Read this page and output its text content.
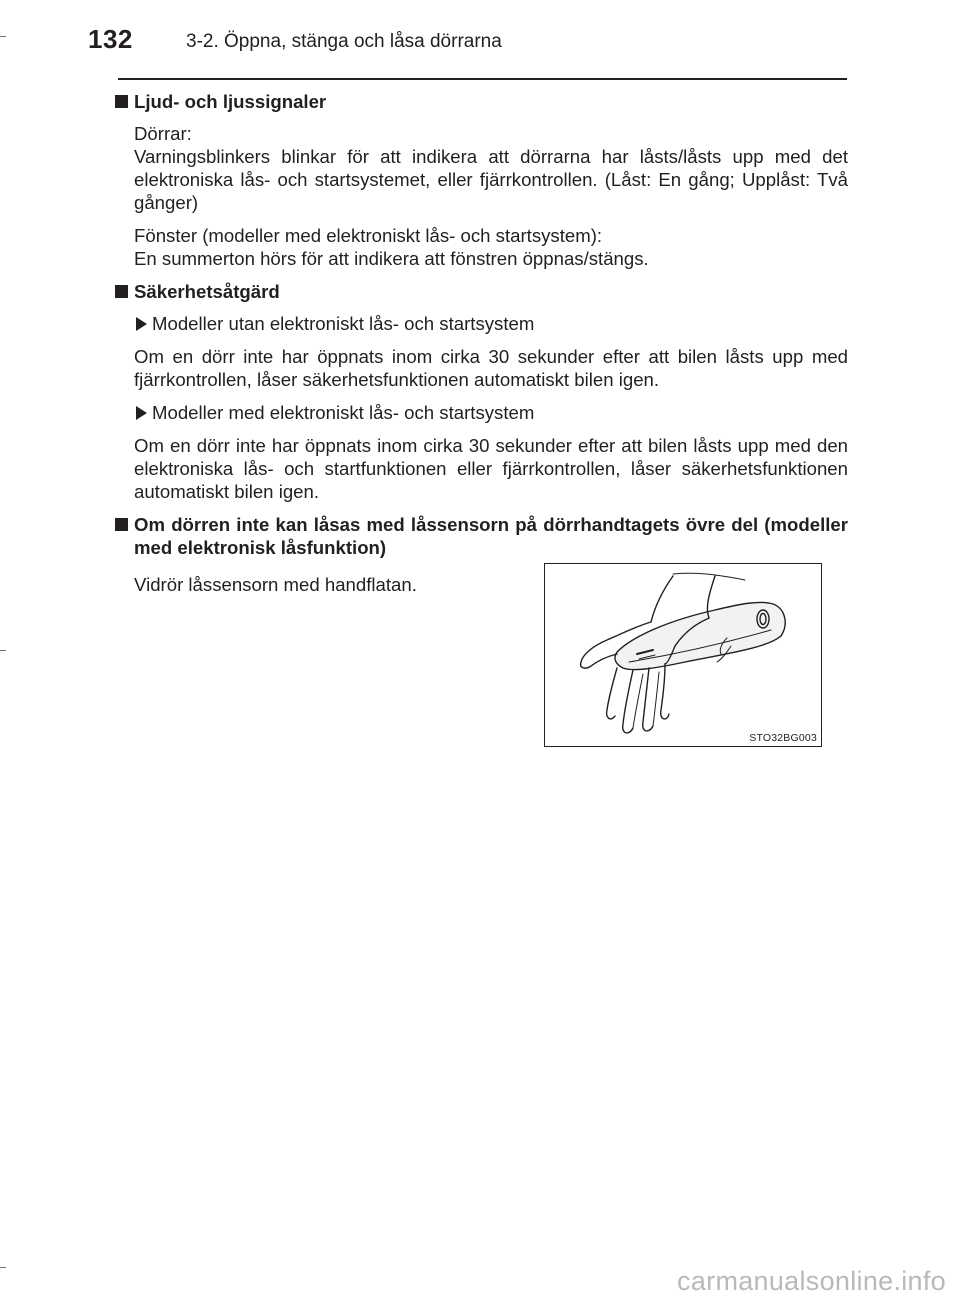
132	3-2. Öppna, stänga och låsa dörrarna
Ljud- och ljussignaler

Dörrar:

Varningsblinkers blinkar för att indikera att dörrarna har låsts/låsts upp med det elektroniska lås- och startsystemet, eller fjärrkontrollen. (Låst: En gång; Upplåst: Två gånger)

Fönster (modeller med elektroniskt lås- och startsystem):

En summerton hörs för att indikera att fönstren öppnas/stängs.

Säkerhetsåtgärd
Modeller utan elektroniskt lås- och startsystem

Om en dörr inte har öppnats inom cirka 30 sekunder efter att bilen låsts upp med fjärrkontrollen, låser säkerhetsfunktionen automatiskt bilen igen.

Modeller med elektroniskt lås- och startsystem

Om en dörr inte har öppnats inom cirka 30 sekunder efter att bilen låsts upp med den elektroniska lås- och startfunktionen eller fjärrkontrollen, låser säkerhetsfunktionen automatiskt bilen igen.

Om dörren inte kan låsas med låssensorn på dörrhandtagets övre del (modeller med elektronisk låsfunktion)

Vidrör låssensorn med handflatan.

STO32BG003
carmanualsonline.info
